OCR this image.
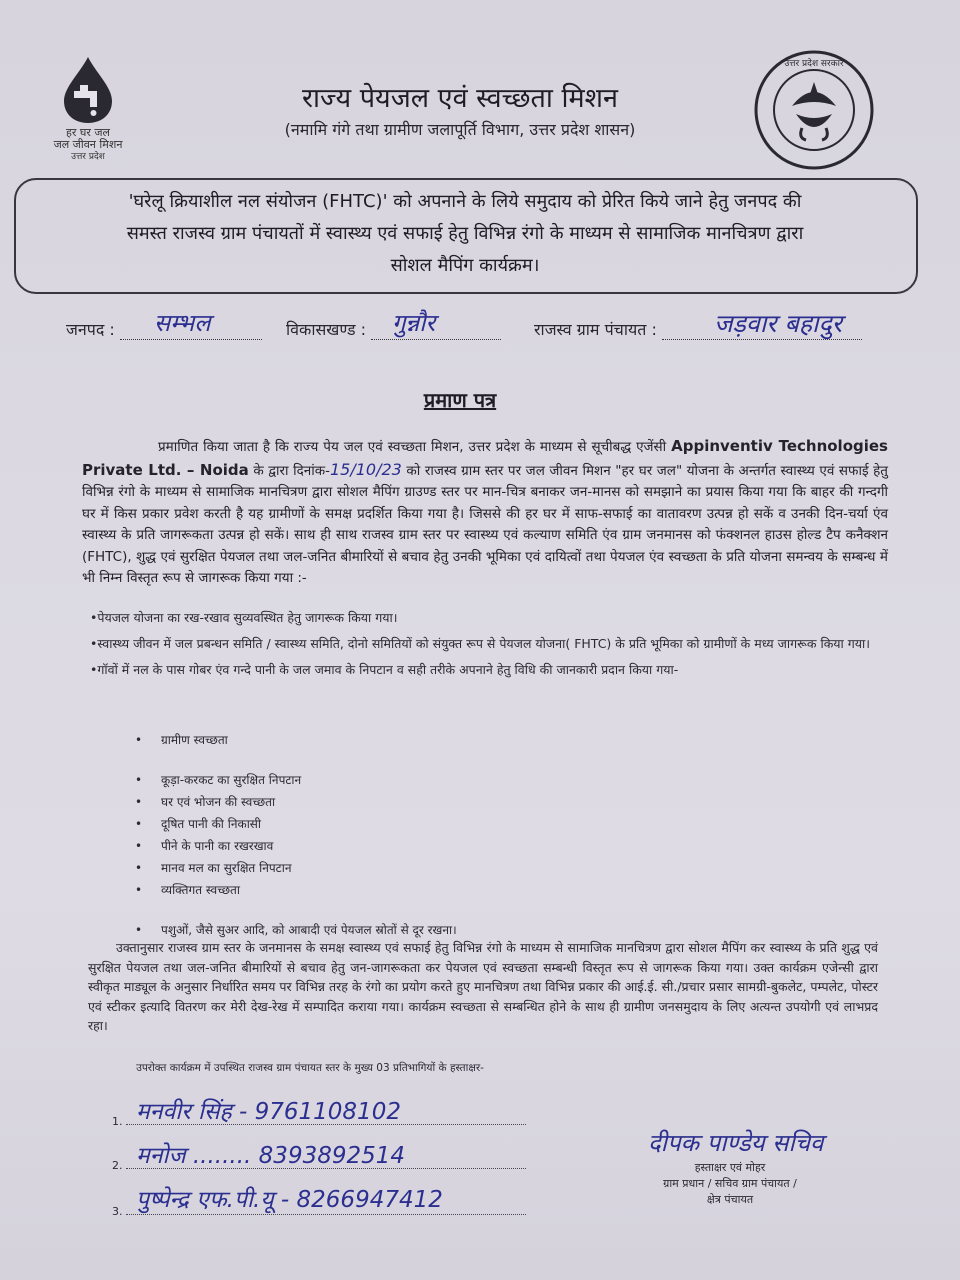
हर घर जल
जल जीवन मिशन
उत्तर प्रदेश
राज्य पेयजल एवं स्वच्छता मिशन
(नमामि गंगे तथा ग्रामीण जलापूर्ति विभाग, उत्तर प्रदेश शासन)
उत्तर प्रदेश सरकार
'घरेलू क्रियाशील नल संयोजन (FHTC)' को अपनाने के लिये समुदाय को प्रेरित किये जाने हेतु जनपद की
समस्त राजस्व ग्राम पंचायतों में स्वास्थ्य एवं सफाई हेतु विभिन्न रंगो के माध्यम से सामाजिक मानचित्रण द्वारा
सोशल मैपिंग कार्यक्रम।
जनपद :	सम्भल	विकासखण्ड :	गुन्नौर	राजस्व ग्राम पंचायत :	जड़वार बहादुर
प्रमाण पत्र
प्रमाणित किया जाता है कि राज्य पेय जल एवं स्वच्छता मिशन, उत्तर प्रदेश के माध्यम से सूचीबद्ध एजेंसी Appinventiv Technologies Private Ltd. – Noida के द्वारा दिनांक-15/10/23 को राजस्व ग्राम स्तर पर जल जीवन मिशन "हर घर जल" योजना के अन्तर्गत स्वास्थ्य एवं सफाई हेतु विभिन्न रंगो के माध्यम से सामाजिक मानचित्रण द्वारा सोशल मैपिंग ग्राउण्ड स्तर पर मान-चित्र बनाकर जन-मानस को समझाने का प्रयास किया गया कि बाहर की गन्दगी घर में किस प्रकार प्रवेश करती है यह ग्रामीणों के समक्ष प्रदर्शित किया गया है। जिससे की हर घर में साफ-सफाई का वातावरण उत्पन्न हो सकें व उनकी दिन-चर्या एंव स्वास्थ्य के प्रति जागरूकता उत्पन्न हो सकें। साथ ही साथ राजस्व ग्राम स्तर पर स्वास्थ्य एवं कल्याण समिति एंव ग्राम जनमानस को फंक्शनल हाउस होल्ड टैप कनैक्शन (FHTC), शुद्ध एवं सुरक्षित पेयजल तथा जल-जनित बीमारियों से बचाव हेतु उनकी भूमिका एवं दायित्वों तथा पेयजल एंव स्वच्छता के प्रति योजना समन्वय के सम्बन्ध में भी निम्न विस्तृत रूप से जागरूक किया गया :-
• पेयजल योजना का रख-रखाव सुव्यवस्थित हेतु जागरूक किया गया।
• स्वास्थ्य जीवन में जल प्रबन्धन समिति / स्वास्थ्य समिति, दोनो समितियों को संयुक्त रूप से पेयजल योजना( FHTC) के प्रति भूमिका को ग्रामीणों के मध्य जागरूक किया गया।
• गॉवों में नल के पास गोबर एंव गन्दे पानी के जल जमाव के निपटान व सही तरीके अपनाने हेतु विधि की जानकारी प्रदान किया गया-
• ग्रामीण स्वच्छता
• कूड़ा-करकट का सुरक्षित निपटान
• घर एवं भोजन की स्वच्छता
• दूषित पानी की निकासी
• पीने के पानी का रखरखाव
• मानव मल का सुरक्षित निपटान
• व्यक्तिगत स्वच्छता
• पशुओं, जैसे सुअर आदि, को आबादी एवं पेयजल स्रोतों से दूर रखना।
उक्तानुसार राजस्व ग्राम स्तर के जनमानस के समक्ष स्वास्थ्य एवं सफाई हेतु विभिन्न रंगो के माध्यम से सामाजिक मानचित्रण द्वारा सोशल मैपिंग कर स्वास्थ्य के प्रति शुद्ध एवं सुरक्षित पेयजल तथा जल-जनित बीमारियों से बचाव हेतु जन-जागरूकता कर पेयजल एवं स्वच्छता सम्बन्धी विस्तृत रूप से जागरूक किया गया। उक्त कार्यक्रम एजेन्सी द्वारा स्वीकृत माड्यूल के अनुसार निर्धारित समय पर विभिन्न तरह के रंगो का प्रयोग करते हुए मानचित्रण तथा विभिन्न प्रकार की आई.ई. सी./प्रचार प्रसार सामग्री-बुकलेट, पम्पलेट, पोस्टर एवं स्टीकर इत्यादि वितरण कर मेरी देख-रेख में सम्पादित कराया गया। कार्यक्रम स्वच्छता से सम्बन्धित होने के साथ ही ग्रामीण जनसमुदाय के लिए अत्यन्त उपयोगी एवं लाभप्रद रहा।
उपरोक्त कार्यक्रम में उपस्थित राजस्व ग्राम पंचायत स्तर के मुख्य 03 प्रतिभागियों के हस्ताक्षर-
1. मनवीर सिंह - 9761108102
2. मनोज ........ 8393892514
3. पुष्पेन्द्र एफ.पी.यू - 8266947412
दीपक पाण्डेय सचिव
हस्ताक्षर एवं मोहर
ग्राम प्रधान / सचिव ग्राम पंचायत /
क्षेत्र पंचायत
